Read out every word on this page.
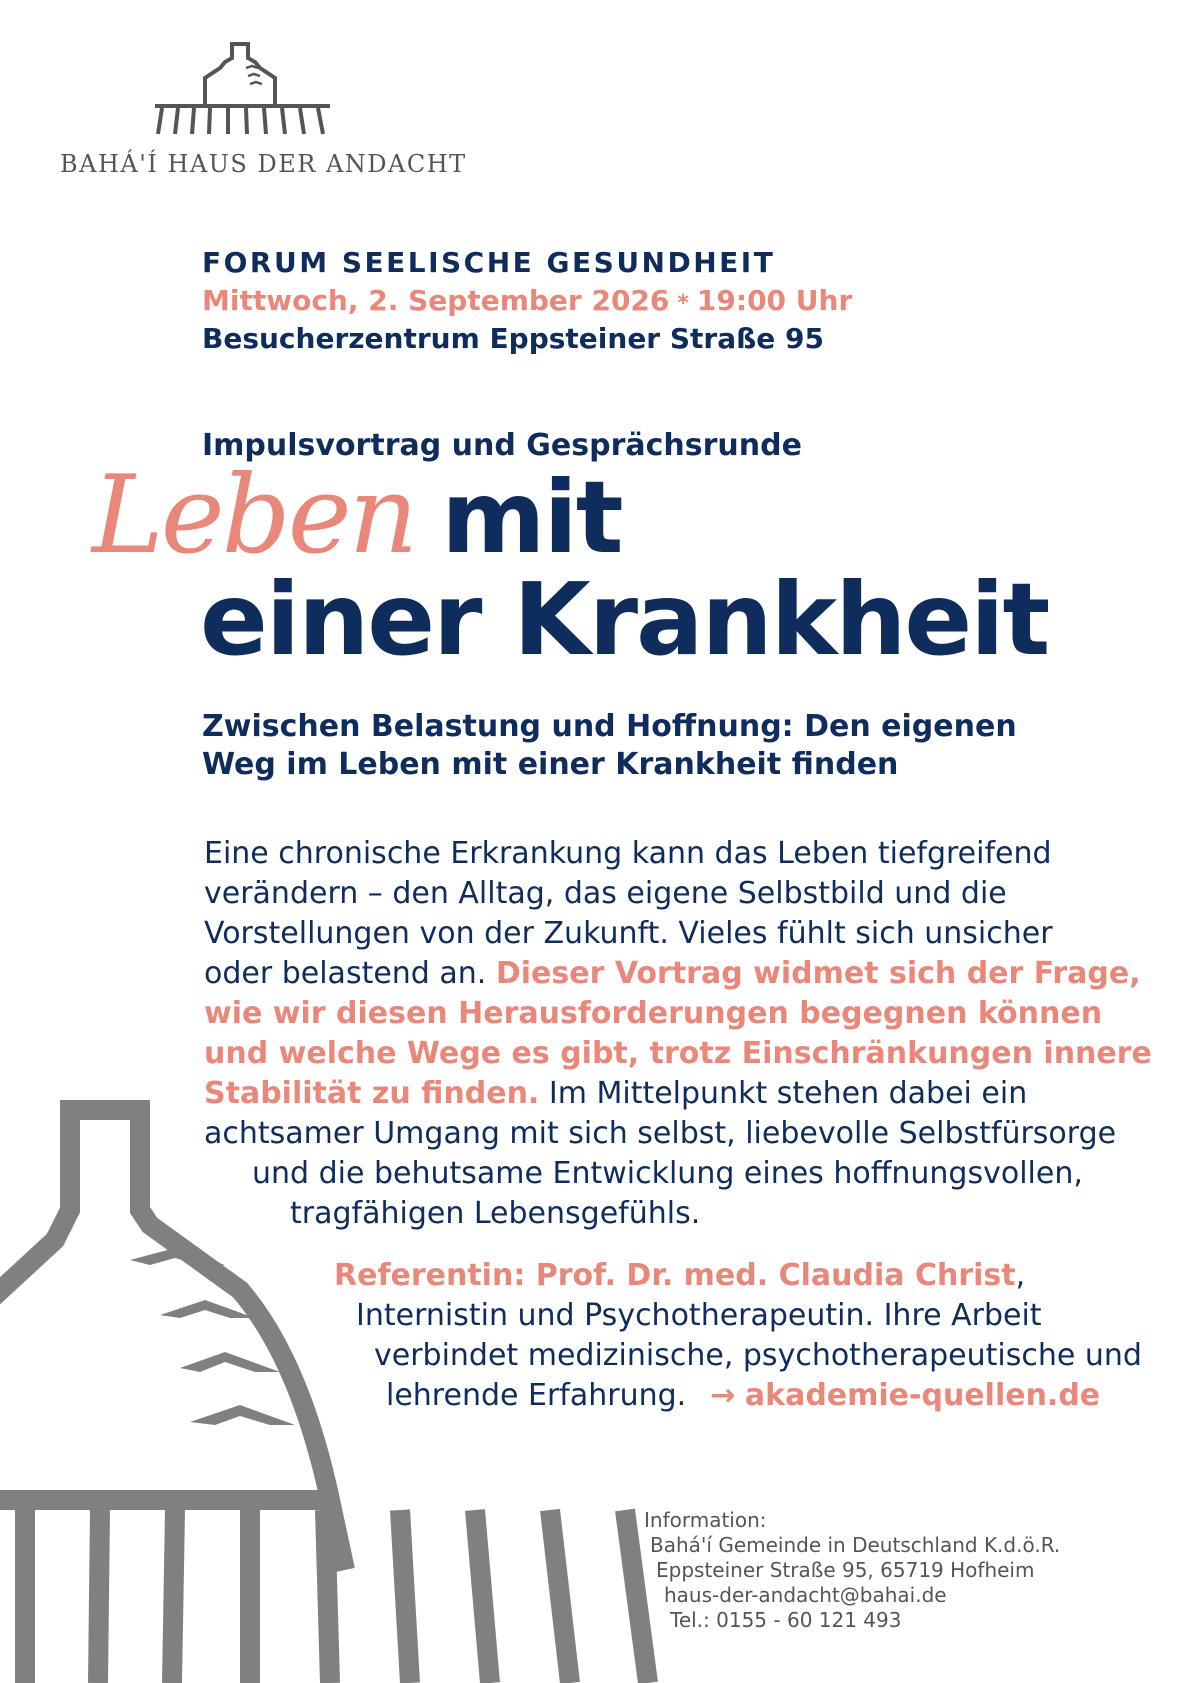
BAHÁ'Í HAUS DER ANDACHT
FORUM SEELISCHE GESUNDHEIT
Mittwoch, 2. September 2026 * 19:00 Uhr
Besucherzentrum Eppsteiner Straße 95
Impulsvortrag und Gesprächsrunde
Leben mit
einer Krankheit
Zwischen Belastung und Hoffnung: Den eigenen
Weg im Leben mit einer Krankheit finden
Eine chronische Erkrankung kann das Leben tiefgreifend
verändern – den Alltag, das eigene Selbstbild und die
Vorstellungen von der Zukunft. Vieles fühlt sich unsicher
oder belastend an. Dieser Vortrag widmet sich der Frage,
wie wir diesen Herausforderungen begegnen können
und welche Wege es gibt, trotz Einschränkungen innere
Stabilität zu finden. Im Mittelpunkt stehen dabei ein
achtsamer Umgang mit sich selbst, liebevolle Selbstfürsorge
und die behutsame Entwicklung eines hoffnungsvollen,
tragfähigen Lebensgefühls.
Referentin: Prof. Dr. med. Claudia Christ,
Internistin und Psychotherapeutin. Ihre Arbeit
verbindet medizinische, psychotherapeutische und
lehrende Erfahrung. → akademie-quellen.de
Information:
Bahá'í Gemeinde in Deutschland K.d.ö.R.
Eppsteiner Straße 95, 65719 Hofheim
haus-der-andacht@bahai.de
Tel.: 0155 - 60 121 493
